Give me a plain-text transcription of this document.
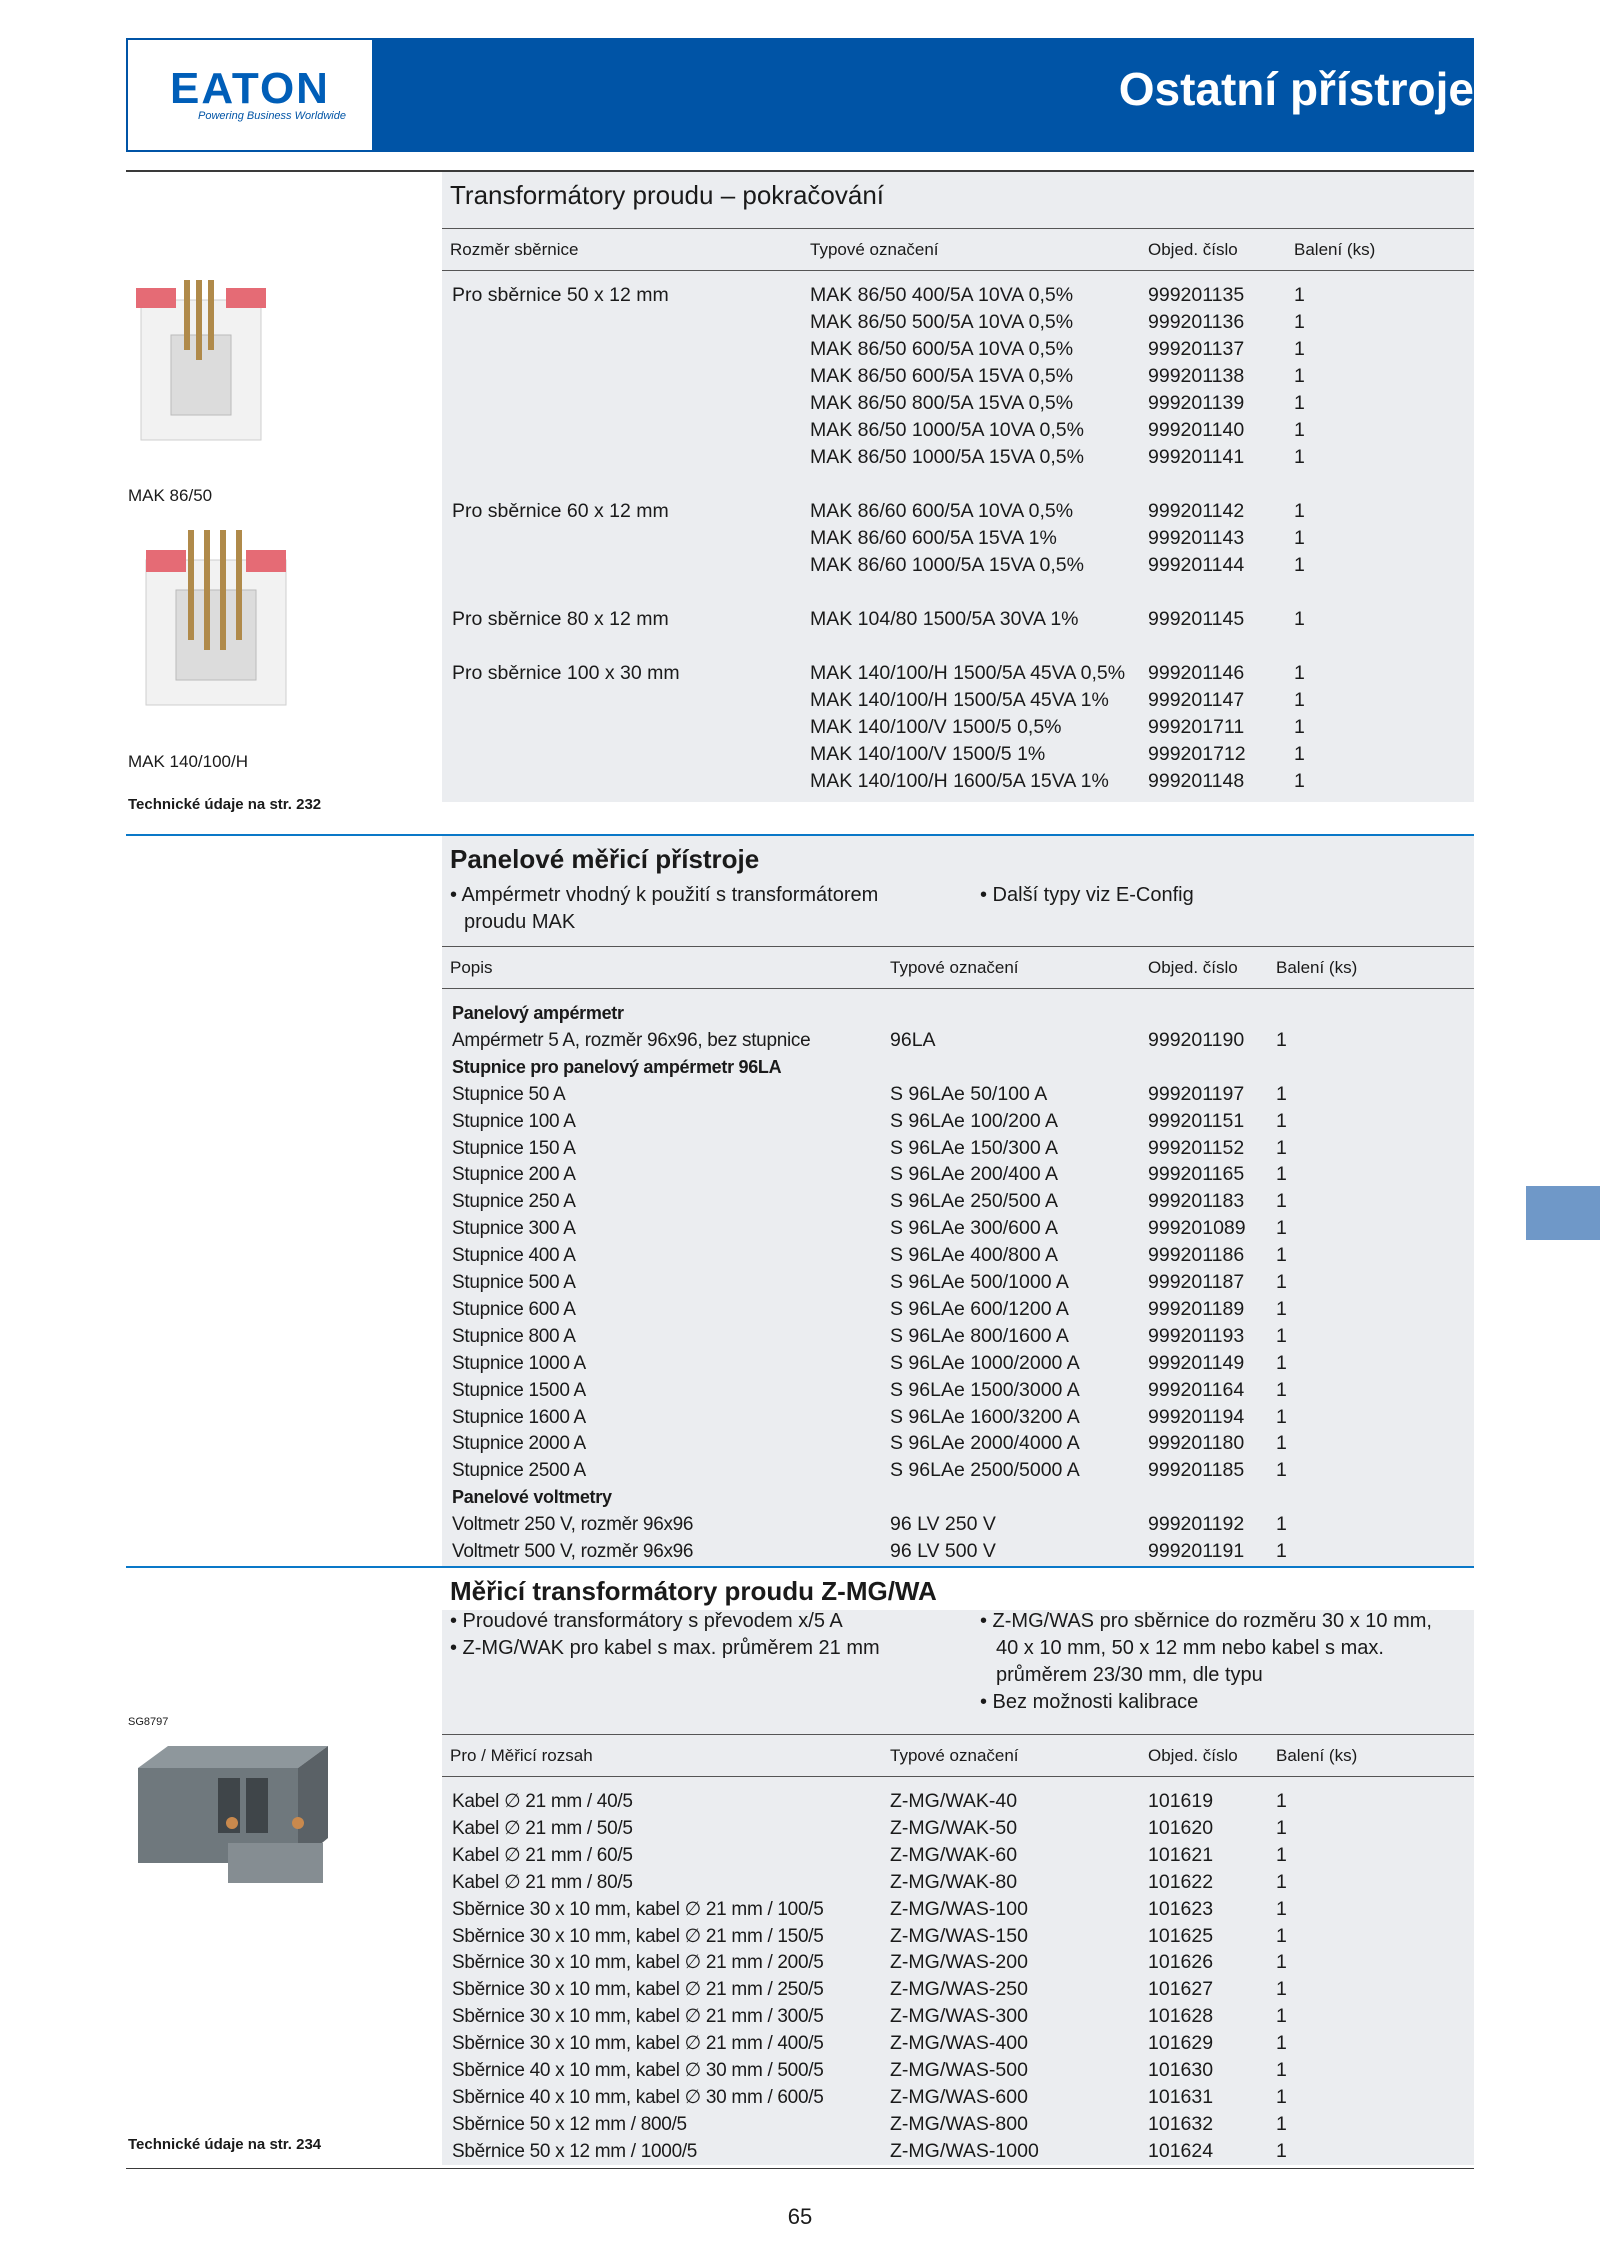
EATON
Powering Business Worldwide
Ostatní přístroje
Transformátory proudu – pokračování
Rozměr sběrnice	Typové označení	Objed. číslo	Balení (ks)
Pro sběrnice 50 x 12 mm	MAK 86/50 400/5A 10VA 0,5%	999201135	1
MAK 86/50 500/5A 10VA 0,5%	999201136	1
MAK 86/50 600/5A 10VA 0,5%	999201137	1
MAK 86/50 600/5A 15VA 0,5%	999201138	1
MAK 86/50 800/5A 15VA 0,5%	999201139	1
MAK 86/50 1000/5A 10VA 0,5%	999201140	1
MAK 86/50 1000/5A 15VA 0,5%	999201141	1
Pro sběrnice 60 x 12 mm	MAK 86/60 600/5A 10VA 0,5%	999201142	1
MAK 86/60 600/5A 15VA 1%	999201143	1
MAK 86/60 1000/5A 15VA 0,5%	999201144	1
Pro sběrnice 80 x 12 mm	MAK 104/80 1500/5A 30VA 1%	999201145	1
Pro sběrnice 100 x 30 mm	MAK 140/100/H 1500/5A 45VA 0,5% 999201146	1
MAK 140/100/H 1500/5A 45VA 1% 999201147	1
MAK 140/100/V 1500/5 0,5%	999201711	1
MAK 140/100/V 1500/5 1%	999201712 1
MAK 140/100/H 1600/5A 15VA 1% 999201148	1
MAK 86/50
MAK 140/100/H
Technické údaje na str. 232
Panelové měřicí přístroje
• Ampérmetr vhodný k použití s transformátorem
proudu MAK
• Další typy viz E-Config
Popis	Typové označení	Objed. číslo Balení (ks)
Panelový ampérmetr
Ampérmetr 5 A, rozměr 96x96, bez stupnice	96LA	999201190 1
Stupnice pro panelový ampérmetr 96LA
Stupnice 50 A	S 96LAe 50/100 A	999201197 1
Stupnice 100 A	S 96LAe 100/200 A	999201151 1
Stupnice 150 A	S 96LAe 150/300 A	999201152 1
Stupnice 200 A	S 96LAe 200/400 A	999201165 1
Stupnice 250 A	S 96LAe 250/500 A	999201183 1
Stupnice 300 A	S 96LAe 300/600 A	999201089 1
Stupnice 400 A	S 96LAe 400/800 A	999201186 1
Stupnice 500 A	S 96LAe 500/1000 A	999201187 1
Stupnice 600 A	S 96LAe 600/1200 A	999201189 1
Stupnice 800 A	S 96LAe 800/1600 A	999201193 1
Stupnice 1000 A	S 96LAe 1000/2000 A	999201149 1
Stupnice 1500 A	S 96LAe 1500/3000 A	999201164 1
Stupnice 1600 A	S 96LAe 1600/3200 A	999201194 1
Stupnice 2000 A	S 96LAe 2000/4000 A	999201180 1
Stupnice 2500 A	S 96LAe 2500/5000 A	999201185 1
Panelové voltmetry
Voltmetr 250 V, rozměr 96x96	96 LV 250 V	999201192 1
Voltmetr 500 V, rozměr 96x96	96 LV 500 V	999201191 1
Měřicí transformátory proudu Z-MG/WA
• Proudové transformátory s převodem x/5 A
• Z-MG/WAK pro kabel s max. průměrem 21 mm
• Z-MG/WAS pro sběrnice do rozměru 30 x 10 mm,
40 x 10 mm, 50 x 12 mm nebo kabel s max.
průměrem 23/30 mm, dle typu
• Bez možnosti kalibrace
Pro / Měřicí rozsah	Typové označení	Objed. číslo Balení (ks)
Kabel ∅ 21 mm / 40/5	Z-MG/WAK-40	101619	1
Kabel ∅ 21 mm / 50/5	Z-MG/WAK-50	101620	1
Kabel ∅ 21 mm / 60/5	Z-MG/WAK-60	101621	1
Kabel ∅ 21 mm / 80/5	Z-MG/WAK-80	101622	1
Sběrnice 30 x 10 mm, kabel ∅ 21 mm / 100/5	Z-MG/WAS-100	101623	1
Sběrnice 30 x 10 mm, kabel ∅ 21 mm / 150/5	Z-MG/WAS-150	101625	1
Sběrnice 30 x 10 mm, kabel ∅ 21 mm / 200/5	Z-MG/WAS-200	101626	1
Sběrnice 30 x 10 mm, kabel ∅ 21 mm / 250/5	Z-MG/WAS-250	101627	1
Sběrnice 30 x 10 mm, kabel ∅ 21 mm / 300/5	Z-MG/WAS-300	101628	1
Sběrnice 30 x 10 mm, kabel ∅ 21 mm / 400/5	Z-MG/WAS-400	101629	1
Sběrnice 40 x 10 mm, kabel ∅ 30 mm / 500/5	Z-MG/WAS-500	101630	1
Sběrnice 40 x 10 mm, kabel ∅ 30 mm / 600/5	Z-MG/WAS-600	101631	1
Sběrnice 50 x 12 mm / 800/5	Z-MG/WAS-800	101632	1
Sběrnice 50 x 12 mm / 1000/5	Z-MG/WAS-1000	101624	1
SG8797
Technické údaje na str. 234
65
